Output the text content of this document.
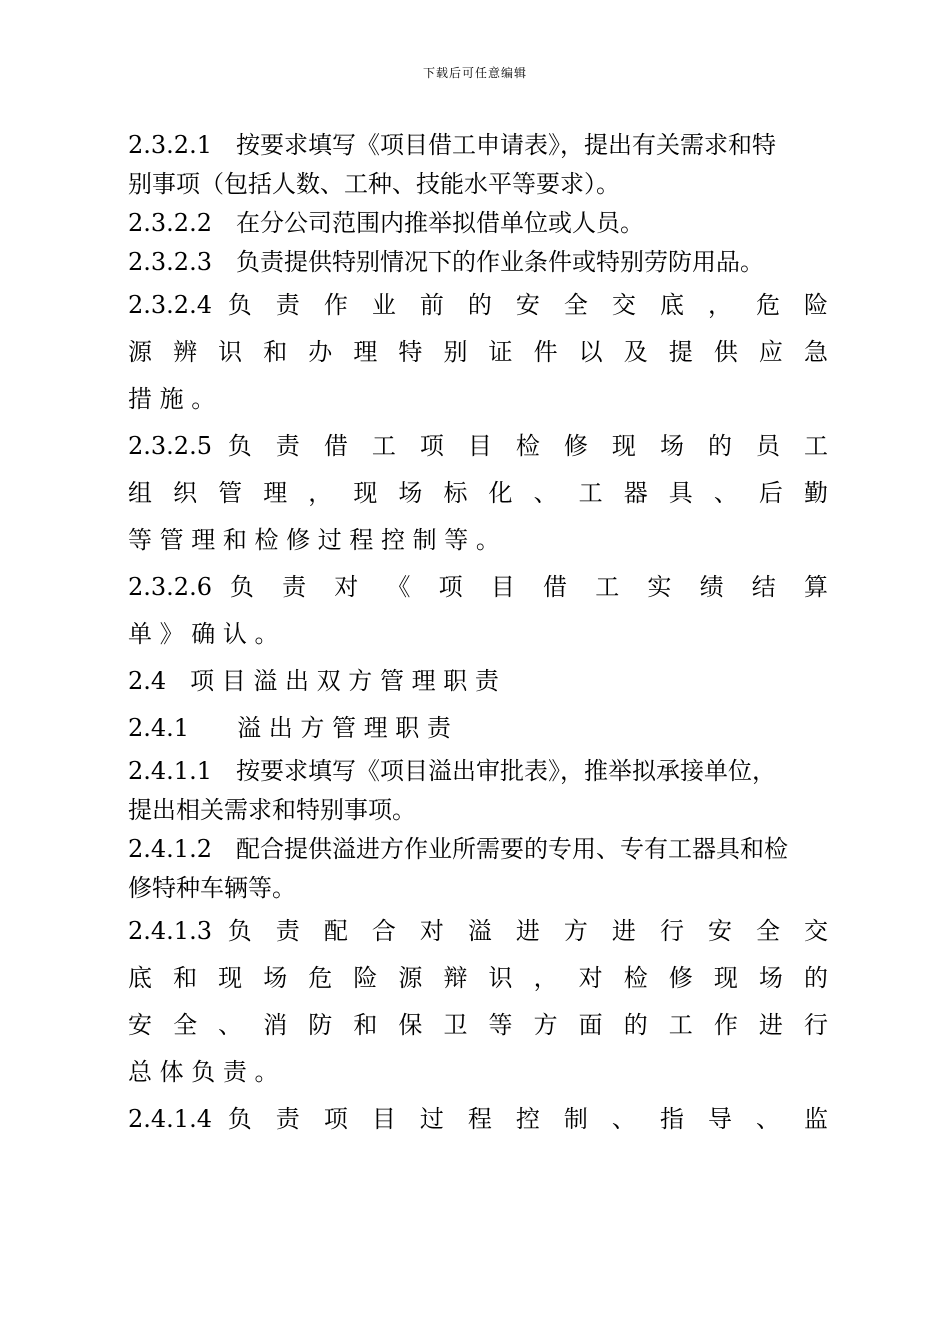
下载后可任意编辑
2.3.2.1　按要求填写《项目借工申请表》，提出有关需求和特
别事项（包括人数、工种、技能水平等要求）。
2.3.2.2　在分公司范围内推举拟借单位或人员。
2.3.2.3　负责提供特别情况下的作业条件或特别劳防用品。
2.3.2.4 负 责 作 业 前 的 安 全 交 底 ， 危 险
源 辨 识 和 办 理 特 别 证 件 以 及 提 供 应 急
措 施 。
2.3.2.5 负 责 借 工 项 目 检 修 现 场 的 员 工
组 织 管 理 ， 现 场 标 化 、 工 器 具 、 后 勤
等 管 理 和 检 修 过 程 控 制 等 。
2.3.2.6 负 责 对 《 项 目 借 工 实 绩 结 算
单 》 确 认 。
2.4　项 目 溢 出 双 方 管 理 职 责
2.4.1　　溢 出 方 管 理 职 责
2.4.1.1　按要求填写《项目溢出审批表》，推举拟承接单位，
提出相关需求和特别事项。
2.4.1.2　配合提供溢进方作业所需要的专用、专有工器具和检
修特种车辆等。
2.4.1.3 负 责 配 合 对 溢 进 方 进 行 安 全 交
底 和 现 场 危 险 源 辩 识 ， 对 检 修 现 场 的
安 全 、 消 防 和 保 卫 等 方 面 的 工 作 进 行
总 体 负 责 。
2.4.1.4 负 责 项 目 过 程 控 制 、 指 导 、 监
